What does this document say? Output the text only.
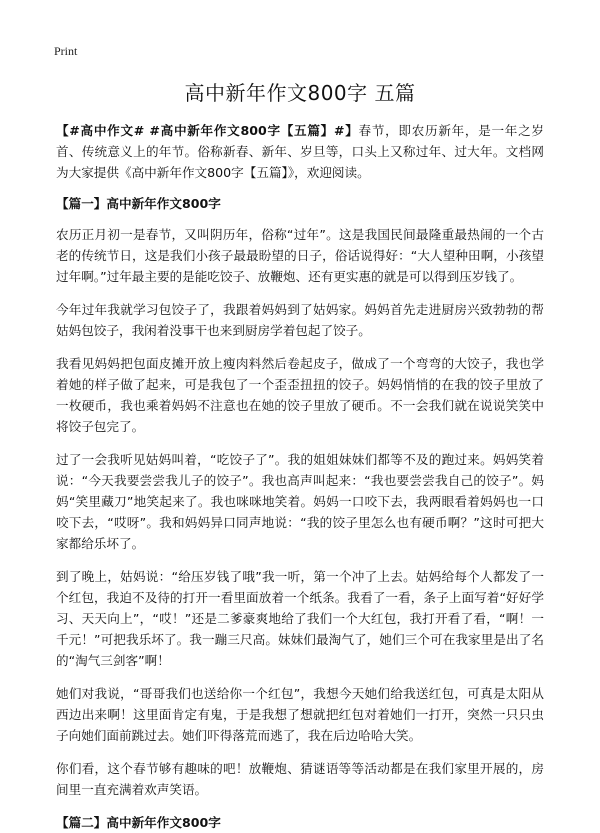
Print
高中新年作文800字 五篇

【#高中作文# #高中新年作文800字【五篇】#】春节，即农历新年，是一年之岁首、传统意义上的年节。俗称新春、新年、岁旦等，口头上又称过年、过大年。文档网为大家提供《高中新年作文800字【五篇】》，欢迎阅读。

【篇一】高中新年作文800字

农历正月初一是春节，又叫阴历年，俗称“过年”。这是我国民间最隆重最热闹的一个古老的传统节日，这是我们小孩子最最盼望的日子，俗话说得好：“大人望种田啊，小孩望过年啊。”过年最主要的是能吃饺子、放鞭炮、还有更实惠的就是可以得到压岁钱了。

今年过年我就学习包饺子了，我跟着妈妈到了姑妈家。妈妈首先走进厨房兴致勃勃的帮姑妈包饺子，我闲着没事干也来到厨房学着包起了饺子。

我看见妈妈把包面皮摊开放上瘦肉料然后卷起皮子，做成了一个弯弯的大饺子，我也学着她的样子做了起来，可是我包了一个歪歪扭扭的饺子。妈妈悄悄的在我的饺子里放了一枚硬币，我也乘着妈妈不注意也在她的饺子里放了硬币。不一会我们就在说说笑笑中将饺子包完了。

过了一会我听见姑妈叫着，“吃饺子了”。我的姐姐妹妹们都等不及的跑过来。妈妈笑着说：“今天我要尝尝我儿子的饺子”。我也高声叫起来：“我也要尝尝我自己的饺子”。妈妈“笑里藏刀”地笑起来了。我也咪咪地笑着。妈妈一口咬下去，我两眼看着妈妈也一口咬下去，“哎呀”。我和妈妈异口同声地说：“我的饺子里怎么也有硬币啊？”这时可把大家都给乐坏了。

到了晚上，姑妈说：“给压岁钱了哦”我一听，第一个冲了上去。姑妈给每个人都发了一个红包，我迫不及待的打开一看里面放着一个纸条。我看了一看，条子上面写着“好好学习、天天向上”，“哎！”还是二爹豪爽地给了我们一个大红包，我打开看了看，“啊！一千元！”可把我乐坏了。我一蹦三尺高。妹妹们最淘气了，她们三个可在我家里是出了名的“淘气三剑客”啊！

她们对我说，“哥哥我们也送给你一个红包”，我想今天她们给我送红包，可真是太阳从西边出来啊！这里面肯定有鬼，于是我想了想就把红包对着她们一打开，突然一只只虫子向她们面前跳过去。她们吓得落荒而逃了，我在后边哈哈大笑。

你们看，这个春节够有趣味的吧！放鞭炮、猜谜语等等活动都是在我们家里开展的，房间里一直充满着欢声笑语。

【篇二】高中新年作文800字
